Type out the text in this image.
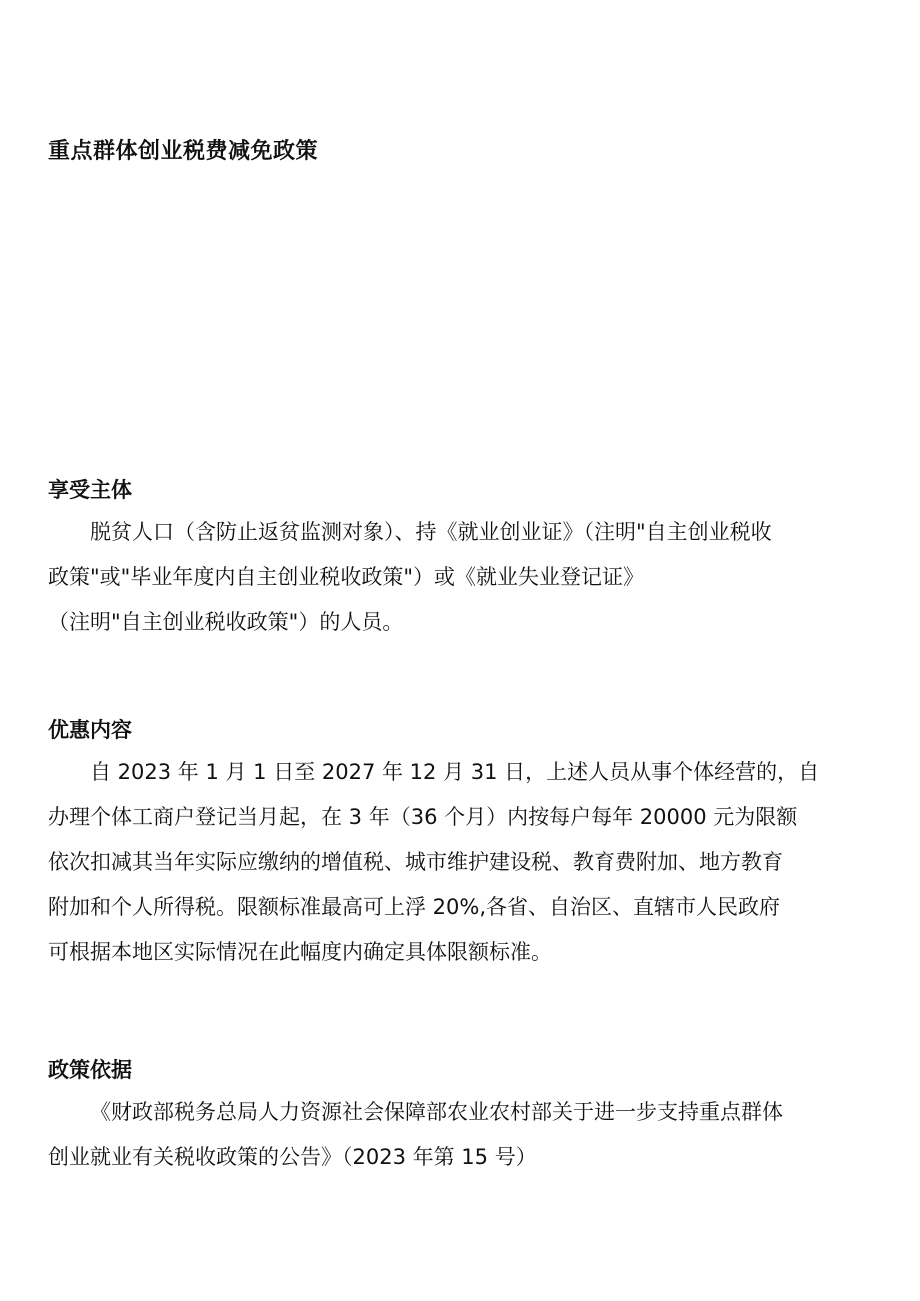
重点群体创业税费减免政策
享受主体
脱贫人口（含防止返贫监测对象）、持《就业创业证》（注明"自主创业税收
政策"或"毕业年度内自主创业税收政策"）或《就业失业登记证》
（注明"自主创业税收政策"）的人员。
优惠内容
自 2023 年 1 月 1 日至 2027 年 12 月 31 日，上述人员从事个体经营的，自
办理个体工商户登记当月起，在 3 年（36 个月）内按每户每年 20000 元为限额
依次扣减其当年实际应缴纳的增值税、城市维护建设税、教育费附加、地方教育
附加和个人所得税。限额标准最高可上浮 20%,各省、自治区、直辖市人民政府
可根据本地区实际情况在此幅度内确定具体限额标准。
政策依据
《财政部税务总局人力资源社会保障部农业农村部关于进一步支持重点群体
创业就业有关税收政策的公告》（2023 年第 15 号）
